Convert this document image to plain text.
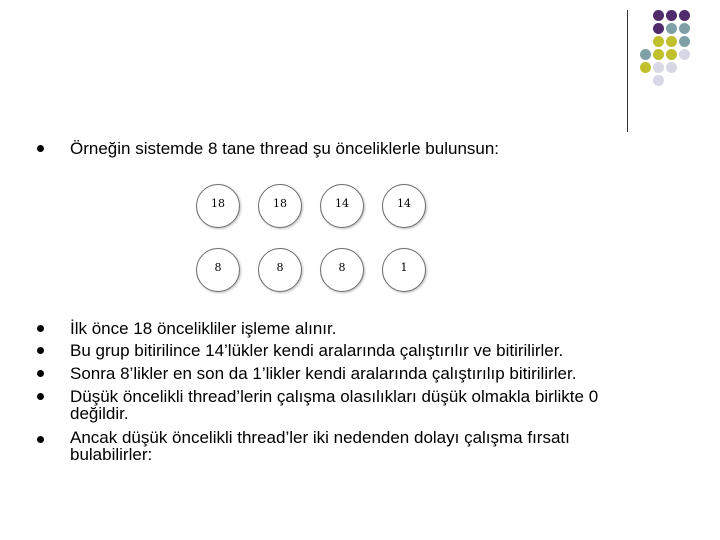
Örneğin sistemde 8 tane thread şu önceliklerle bulunsun:
18	18	14	14
8	8	8	1
İlk önce 18 öncelikliler işleme alınır.
Bu grup bitirilince 14’lükler kendi aralarında çalıştırılır ve bitirilirler.
Sonra 8’likler en son da 1’likler kendi aralarında çalıştırılıp bitirilirler.
Düşük öncelikli thread’lerin çalışma olasılıkları düşük olmakla birlikte 0
değildir.
Ancak düşük öncelikli thread’ler iki nedenden dolayı çalışma fırsatı
bulabilirler:
